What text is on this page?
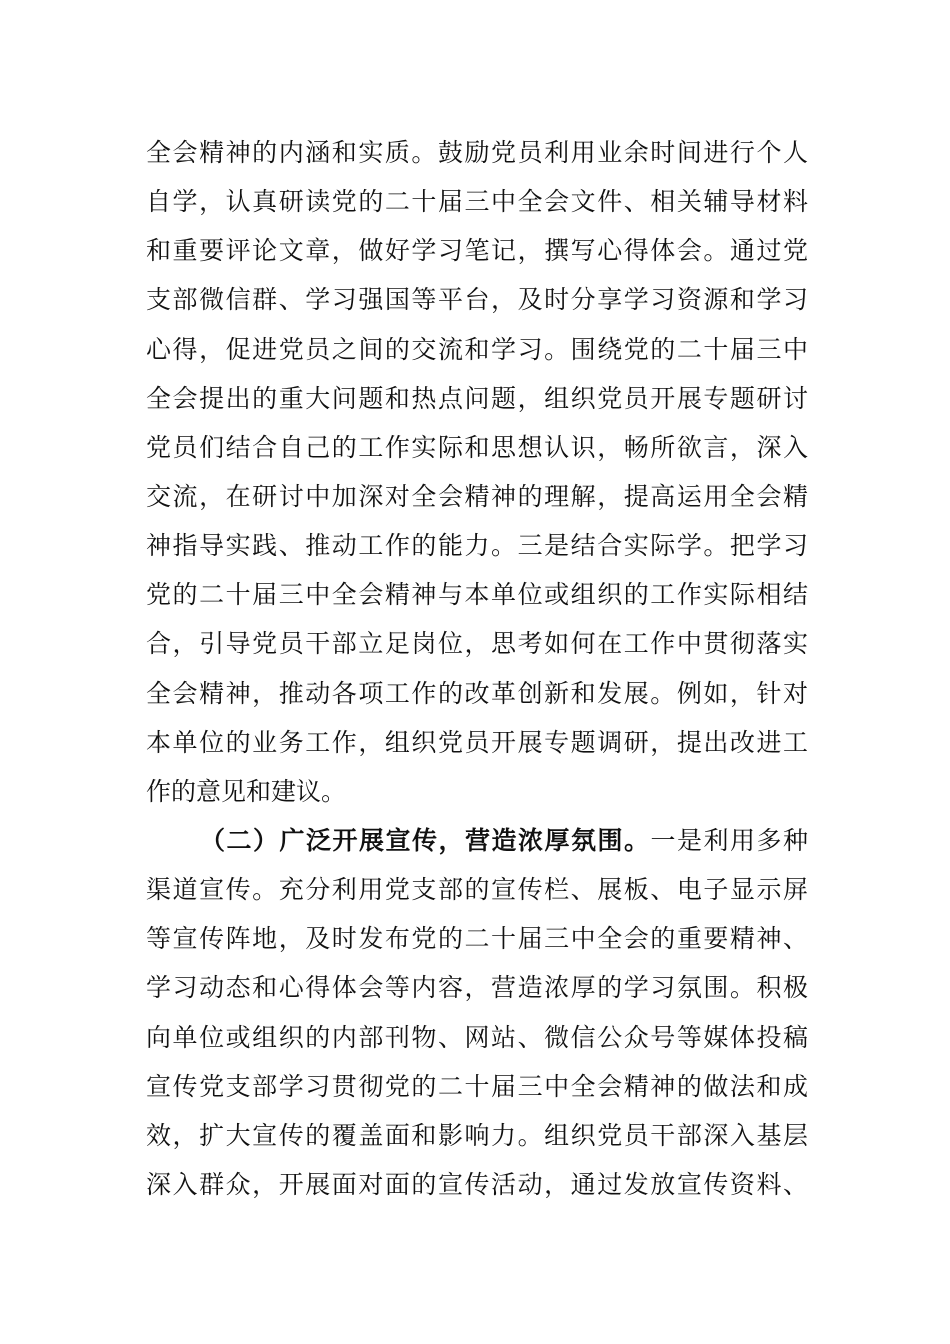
全会精神的内涵和实质。鼓励党员利用业余时间进行个人
自学，认真研读党的二十届三中全会文件、相关辅导材料
和重要评论文章，做好学习笔记，撰写心得体会。通过党
支部微信群、学习强国等平台，及时分享学习资源和学习
心得，促进党员之间的交流和学习。围绕党的二十届三中
全会提出的重大问题和热点问题，组织党员开展专题研讨
党员们结合自己的工作实际和思想认识，畅所欲言，深入
交流，在研讨中加深对全会精神的理解，提高运用全会精
神指导实践、推动工作的能力。三是结合实际学。把学习
党的二十届三中全会精神与本单位或组织的工作实际相结
合，引导党员干部立足岗位，思考如何在工作中贯彻落实
全会精神，推动各项工作的改革创新和发展。例如，针对
本单位的业务工作，组织党员开展专题调研，提出改进工
作的意见和建议。
（二）广泛开展宣传，营造浓厚氛围。一是利用多种
渠道宣传。充分利用党支部的宣传栏、展板、电子显示屏
等宣传阵地，及时发布党的二十届三中全会的重要精神、
学习动态和心得体会等内容，营造浓厚的学习氛围。积极
向单位或组织的内部刊物、网站、微信公众号等媒体投稿
宣传党支部学习贯彻党的二十届三中全会精神的做法和成
效，扩大宣传的覆盖面和影响力。组织党员干部深入基层
深入群众，开展面对面的宣传活动，通过发放宣传资料、
